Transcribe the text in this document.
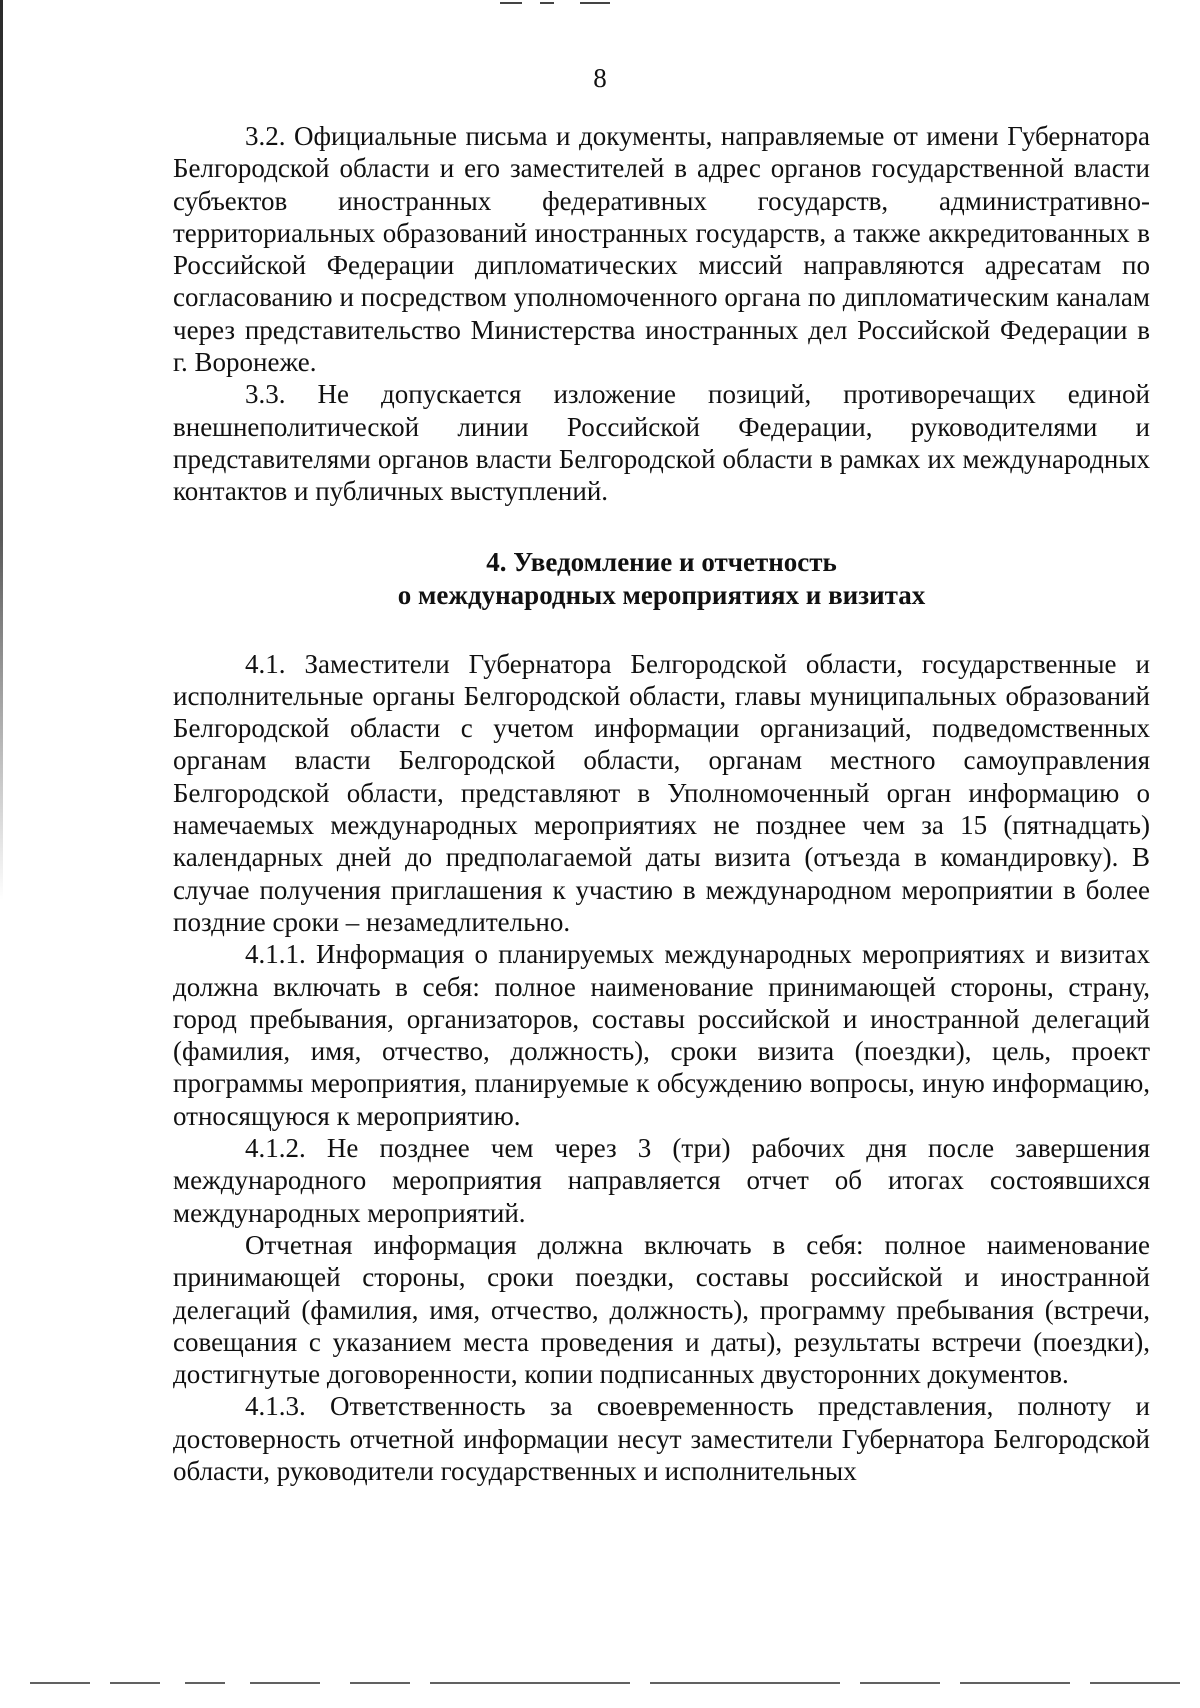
8

3.2. Официальные письма и документы, направляемые от имени Губернатора Белгородской области и его заместителей в адрес органов государственной власти субъектов иностранных федеративных государств, административно-территориальных образований иностранных государств, а также аккредитованных в Российской Федерации дипломатических миссий направляются адресатам по согласованию и посредством уполномоченного органа по дипломатическим каналам через представительство Министерства иностранных дел Российской Федерации в г. Воронеже.

3.3. Не допускается изложение позиций, противоречащих единой внешнеполитической линии Российской Федерации, руководителями и представителями органов власти Белгородской области в рамках их международных контактов и публичных выступлений.

4. Уведомление и отчетность
о международных мероприятиях и визитах

4.1. Заместители Губернатора Белгородской области, государственные и исполнительные органы Белгородской области, главы муниципальных образований Белгородской области с учетом информации организаций, подведомственных органам власти Белгородской области, органам местного самоуправления Белгородской области, представляют в Уполномоченный орган информацию о намечаемых международных мероприятиях не позднее чем за 15 (пятнадцать) календарных дней до предполагаемой даты визита (отъезда в командировку). В случае получения приглашения к участию в международном мероприятии в более поздние сроки – незамедлительно.

4.1.1. Информация о планируемых международных мероприятиях и визитах должна включать в себя: полное наименование принимающей стороны, страну, город пребывания, организаторов, составы российской и иностранной делегаций (фамилия, имя, отчество, должность), сроки визита (поездки), цель, проект программы мероприятия, планируемые к обсуждению вопросы, иную информацию, относящуюся к мероприятию.

4.1.2. Не позднее чем через 3 (три) рабочих дня после завершения международного мероприятия направляется отчет об итогах состоявшихся международных мероприятий.

Отчетная информация должна включать в себя: полное наименование принимающей стороны, сроки поездки, составы российской и иностранной делегаций (фамилия, имя, отчество, должность), программу пребывания (встречи, совещания с указанием места проведения и даты), результаты встречи (поездки), достигнутые договоренности, копии подписанных двусторонних документов.

4.1.3. Ответственность за своевременность представления, полноту и достоверность отчетной информации несут заместители Губернатора Белгородской области, руководители государственных и исполнительных
